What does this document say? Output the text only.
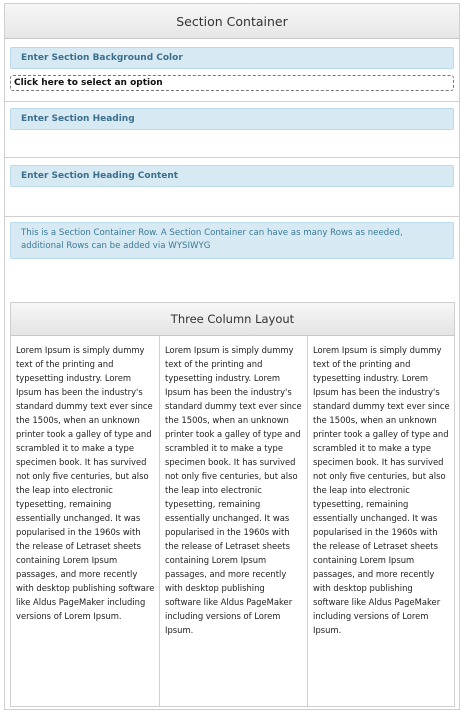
Section Container
Enter Section Background Color
Click here to select an option
Enter Section Heading
Enter Section Heading Content
This is a Section Container Row. A Section Container can have as many Rows as needed, additional Rows can be added via WYSIWYG
Three Column Layout
Lorem Ipsum is simply dummy text of the printing and typesetting industry. Lorem Ipsum has been the industry's standard dummy text ever since the 1500s, when an unknown printer took a galley of type and scrambled it to make a type specimen book. It has survived not only five centuries, but also the leap into electronic typesetting, remaining essentially unchanged. It was popularised in the 1960s with the release of Letraset sheets containing Lorem Ipsum passages, and more recently with desktop publishing software like Aldus PageMaker including versions of Lorem Ipsum.
Lorem Ipsum is simply dummy text of the printing and typesetting industry. Lorem Ipsum has been the industry's standard dummy text ever since the 1500s, when an unknown printer took a galley of type and scrambled it to make a type specimen book. It has survived not only five centuries, but also the leap into electronic typesetting, remaining essentially unchanged. It was popularised in the 1960s with the release of Letraset sheets containing Lorem Ipsum passages, and more recently with desktop publishing software like Aldus PageMaker including versions of Lorem Ipsum.
Lorem Ipsum is simply dummy text of the printing and typesetting industry. Lorem Ipsum has been the industry's standard dummy text ever since the 1500s, when an unknown printer took a galley of type and scrambled it to make a type specimen book. It has survived not only five centuries, but also the leap into electronic typesetting, remaining essentially unchanged. It was popularised in the 1960s with the release of Letraset sheets containing Lorem Ipsum passages, and more recently with desktop publishing software like Aldus PageMaker including versions of Lorem Ipsum.
